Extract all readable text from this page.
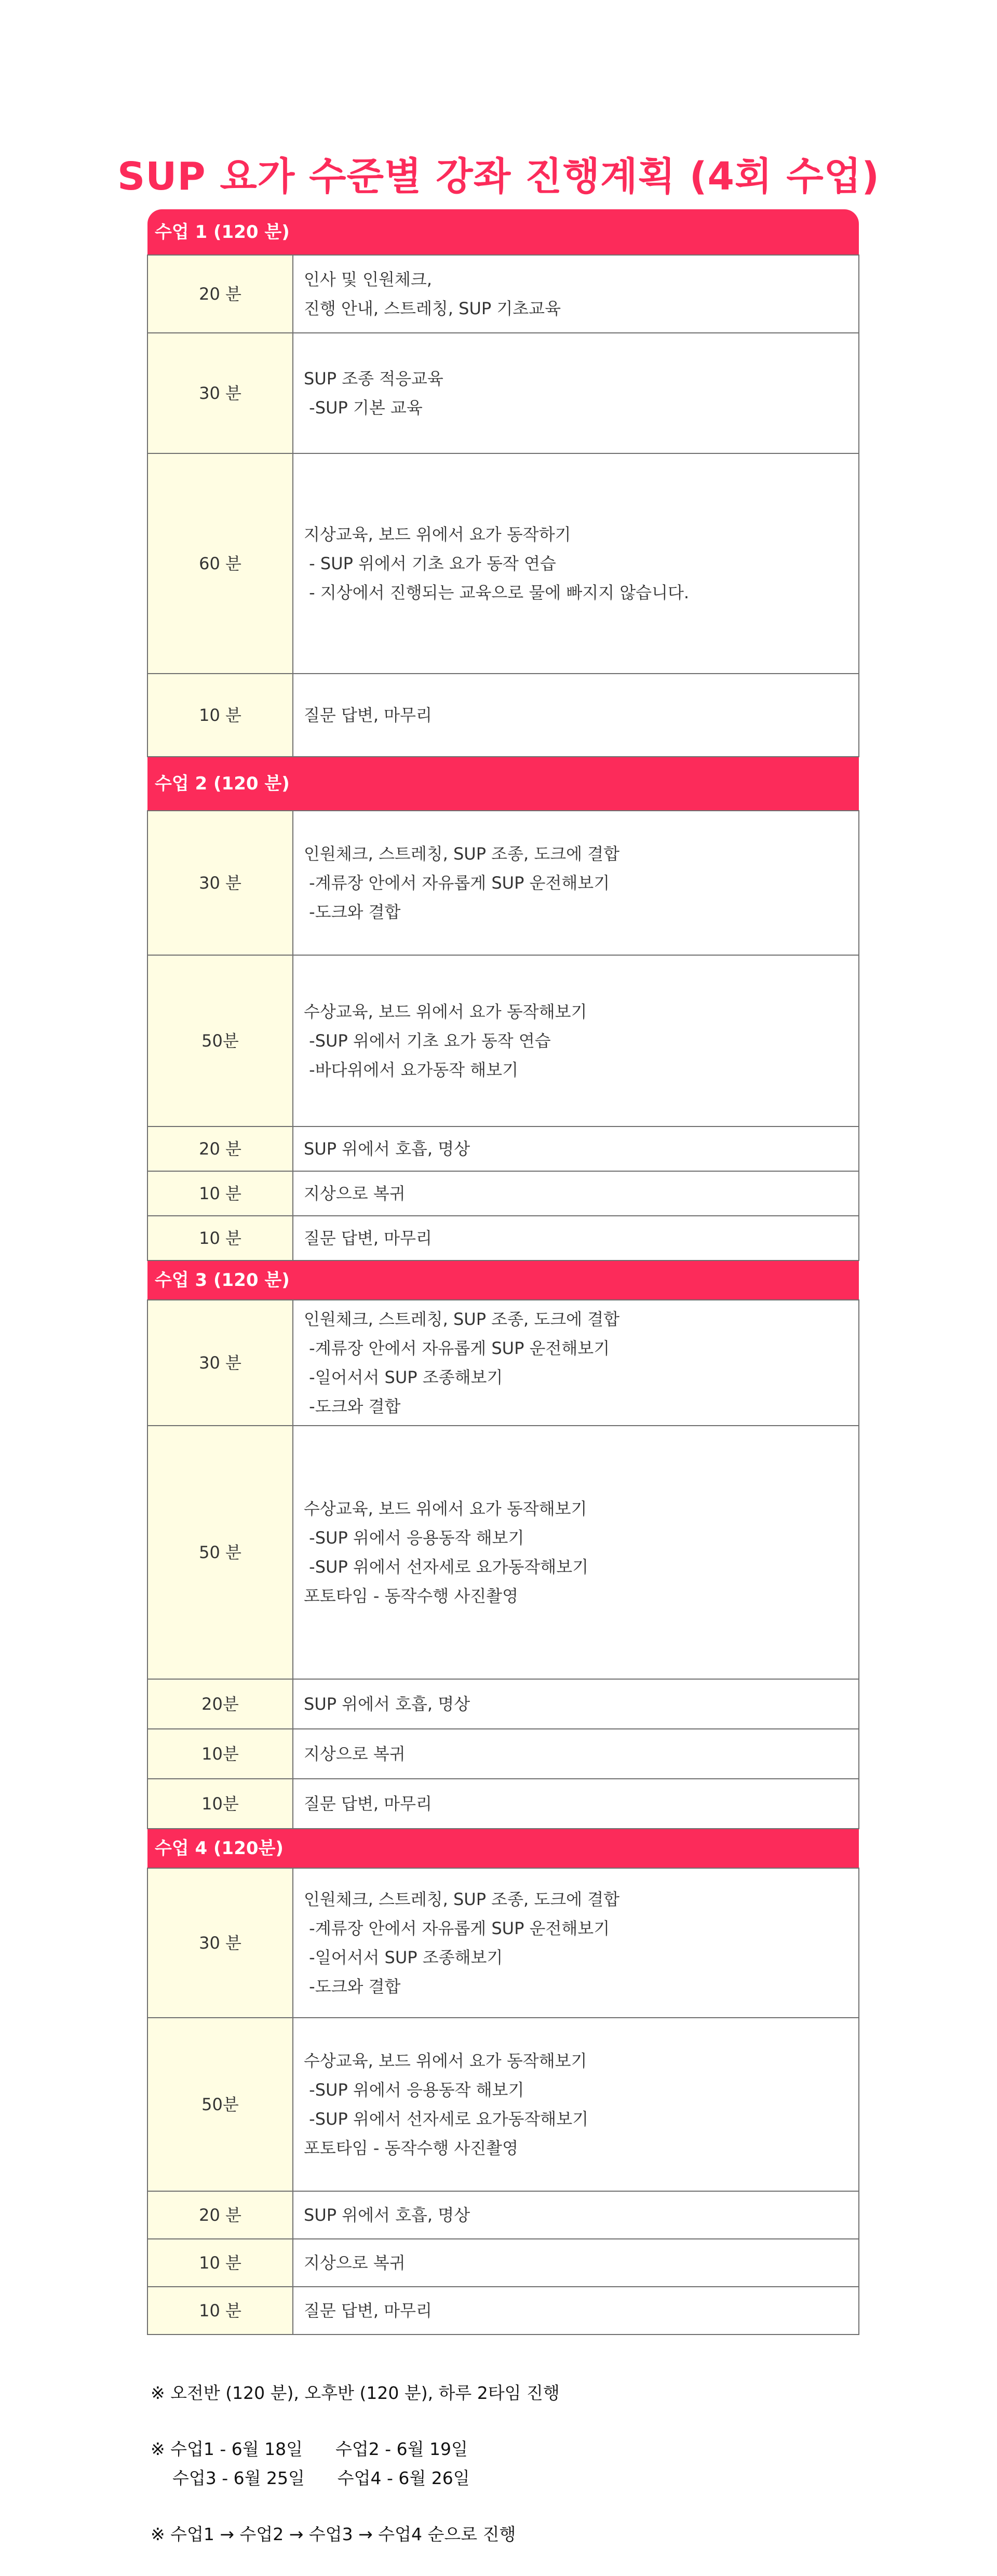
SUP 요가 수준별 강좌 진행계획 (4회 수업)
수업 1 (120 분)	
20 분	인사 및 인원체크,
진행 안내, 스트레칭, SUP 기초교육

30 분	SUP 조종 적응교육
-SUP 기본 교육

60 분	지상교육, 보드 위에서 요가 동작하기
- SUP 위에서 기초 요가 동작 연습
- 지상에서 진행되는 교육으로 물에 빠지지 않습니다.

10 분	질문 답변, 마무리

수업 2 (120 분)	
30 분	인원체크, 스트레칭, SUP 조종, 도크에 결합
-계류장 안에서 자유롭게 SUP 운전해보기
-도크와 결합

50분	수상교육, 보드 위에서 요가 동작해보기
-SUP 위에서 기초 요가 동작 연습
-바다위에서 요가동작 해보기

20 분	SUP 위에서 호흡, 명상

10 분	지상으로 복귀

10 분	질문 답변, 마무리

수업 3 (120 분)	
30 분	인원체크, 스트레칭, SUP 조종, 도크에 결합
-계류장 안에서 자유롭게 SUP 운전해보기
-일어서서 SUP 조종해보기
-도크와 결합

50 분	수상교육, 보드 위에서 요가 동작해보기
-SUP 위에서 응용동작 해보기
-SUP 위에서 선자세로 요가동작해보기
포토타임 - 동작수행 사진촬영

20분	SUP 위에서 호흡, 명상

10분	지상으로 복귀

10분	질문 답변, 마무리

수업 4 (120분)	
30 분	인원체크, 스트레칭, SUP 조종, 도크에 결합
-계류장 안에서 자유롭게 SUP 운전해보기
-일어서서 SUP 조종해보기
-도크와 결합

50분	수상교육, 보드 위에서 요가 동작해보기
-SUP 위에서 응용동작 해보기
-SUP 위에서 선자세로 요가동작해보기
포토타임 - 동작수행 사진촬영

20 분	SUP 위에서 호흡, 명상

10 분	지상으로 복귀

10 분	질문 답변, 마무리
※ 오전반 (120 분), 오후반 (120 분), 하루 2타임 진행
※ 수업1 - 6월 18일      수업2 - 6월 19일
수업3 - 6월 25일      수업4 - 6월 26일
※ 수업1 → 수업2 → 수업3 → 수업4 순으로 진행
